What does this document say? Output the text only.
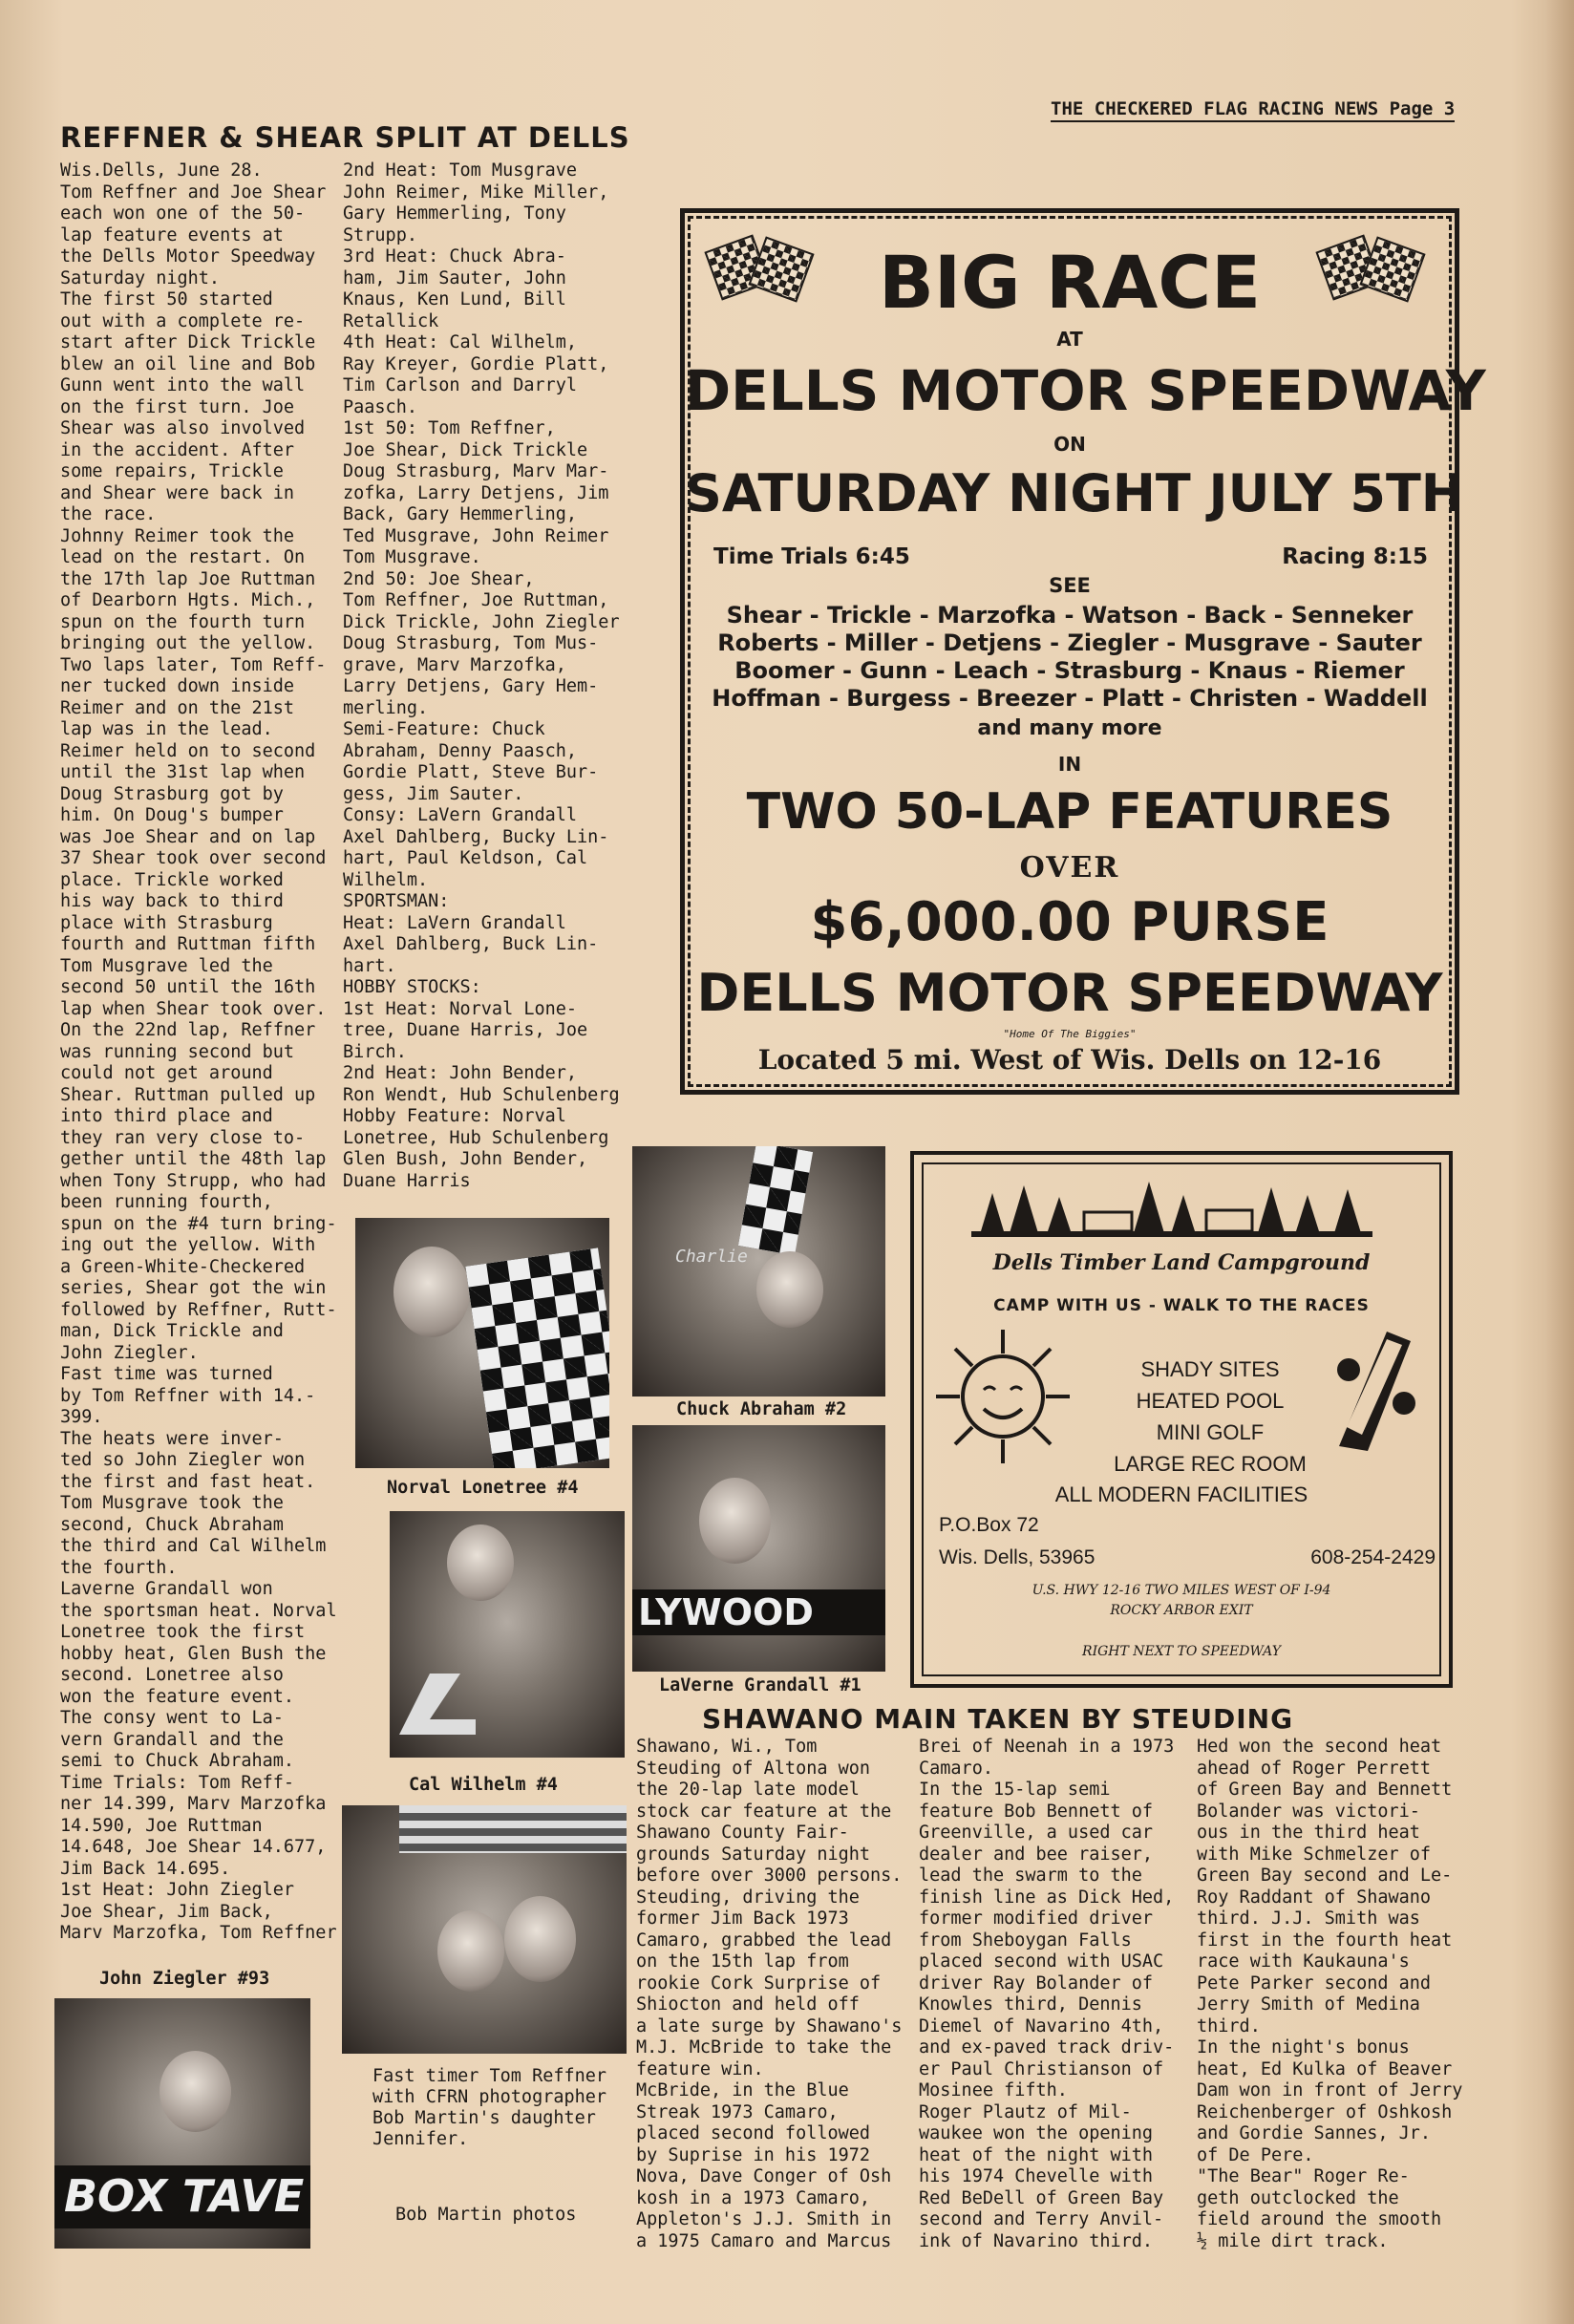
THE CHECKERED FLAG RACING NEWS Page 3
REFFNER & SHEAR SPLIT AT DELLS
Wis.Dells, June 28.
Tom Reffner and Joe Shear
each won one of the 50-
lap feature events at
the Dells Motor Speedway
Saturday night.
The first 50 started
out with a complete re-
start after Dick Trickle
blew an oil line and Bob
Gunn went into the wall
on the first turn. Joe
Shear was also involved
in the accident. After
some repairs, Trickle
and Shear were back in
the race.
Johnny Reimer took the
lead on the restart. On
the 17th lap Joe Ruttman
of Dearborn Hgts. Mich.,
spun on the fourth turn
bringing out the yellow.
Two laps later, Tom Reff-
ner tucked down inside
Reimer and on the 21st
lap was in the lead.
Reimer held on to second
until the 31st lap when
Doug Strasburg got by
him. On Doug's bumper
was Joe Shear and on lap
37 Shear took over second
place. Trickle worked
his way back to third
place with Strasburg
fourth and Ruttman fifth
Tom Musgrave led the
second 50 until the 16th
lap when Shear took over.
On the 22nd lap, Reffner
was running second but
could not get around
Shear. Ruttman pulled up
into third place and
they ran very close to-
gether until the 48th lap
when Tony Strupp, who had
been running fourth,
spun on the #4 turn bring-
ing out the yellow. With
a Green-White-Checkered
series, Shear got the win
followed by Reffner, Rutt-
man, Dick Trickle and
John Ziegler.
Fast time was turned
by Tom Reffner with 14.-
399.
The heats were inver-
ted so John Ziegler won
the first and fast heat.
Tom Musgrave took the
second, Chuck Abraham
the third and Cal Wilhelm
the fourth.
Laverne Grandall won
the sportsman heat. Norval
Lonetree took the first
hobby heat, Glen Bush the
second. Lonetree also
won the feature event.
The consy went to La-
vern Grandall and the
semi to Chuck Abraham.
Time Trials: Tom Reff-
ner 14.399, Marv Marzofka
14.590, Joe Ruttman
14.648, Joe Shear 14.677,
Jim Back 14.695.
1st Heat: John Ziegler
Joe Shear, Jim Back,
Marv Marzofka, Tom Reffner
2nd Heat: Tom Musgrave
John Reimer, Mike Miller,
Gary Hemmerling, Tony
Strupp.
3rd Heat: Chuck Abra-
ham, Jim Sauter, John
Knaus, Ken Lund, Bill
Retallick
4th Heat: Cal Wilhelm,
Ray Kreyer, Gordie Platt,
Tim Carlson and Darryl
Paasch.
1st 50: Tom Reffner,
Joe Shear, Dick Trickle
Doug Strasburg, Marv Mar-
zofka, Larry Detjens, Jim
Back, Gary Hemmerling,
Ted Musgrave, John Reimer
Tom Musgrave.
2nd 50: Joe Shear,
Tom Reffner, Joe Ruttman,
Dick Trickle, John Ziegler
Doug Strasburg, Tom Mus-
grave, Marv Marzofka,
Larry Detjens, Gary Hem-
merling.
Semi-Feature: Chuck
Abraham, Denny Paasch,
Gordie Platt, Steve Bur-
gess, Jim Sauter.
Consy: LaVern Grandall
Axel Dahlberg, Bucky Lin-
hart, Paul Keldson, Cal
Wilhelm.
SPORTSMAN:
Heat: LaVern Grandall
Axel Dahlberg, Buck Lin-
hart.
HOBBY STOCKS:
1st Heat: Norval Lone-
tree, Duane Harris, Joe
Birch.
2nd Heat: John Bender,
Ron Wendt, Hub Schulenberg
Hobby Feature: Norval
Lonetree, Hub Schulenberg
Glen Bush, John Bender,
Duane Harris
Norval Lonetree #4
Charlie
Chuck Abraham #2
Cal Wilhelm #4
LYWOOD
LaVerne Grandall #1
Fast timer Tom Reffner
with CFRN photographer
Bob Martin's daughter
Jennifer.
John Ziegler #93
BOX TAVE	Bob Martin photos
BIG RACE
AT
DELLS MOTOR SPEEDWAY
ON
SATURDAY NIGHT JULY 5TH
Time Trials 6:45	Racing 8:15
SEE
Shear - Trickle - Marzofka - Watson - Back - Senneker
Roberts - Miller - Detjens - Ziegler - Musgrave - Sauter
Boomer - Gunn - Leach - Strasburg - Knaus - Riemer
Hoffman - Burgess - Breezer - Platt - Christen - Waddell
and many more
IN
TWO 50-LAP FEATURES
OVER
$6,000.00 PURSE
DELLS MOTOR SPEEDWAY
"Home Of The Biggies"
Located 5 mi. West of Wis. Dells on 12-16
Dells Timber Land Campground
CAMP WITH US - WALK TO THE RACES
SHADY SITES
HEATED POOL
MINI GOLF
LARGE REC ROOM
ALL MODERN FACILITIES
P.O.Box 72
Wis. Dells, 53965	608-254-2429
U.S. HWY 12-16 TWO MILES WEST OF I-94
ROCKY ARBOR EXIT
RIGHT NEXT TO SPEEDWAY
SHAWANO MAIN TAKEN BY STEUDING
Shawano, Wi., Tom
Steuding of Altona won
the 20-lap late model
stock car feature at the
Shawano County Fair-
grounds Saturday night
before over 3000 persons.
Steuding, driving the
former Jim Back 1973
Camaro, grabbed the lead
on the 15th lap from
rookie Cork Surprise of
Shiocton and held off
a late surge by Shawano's
M.J. McBride to take the
feature win.
McBride, in the Blue
Streak 1973 Camaro,
placed second followed
by Suprise in his 1972
Nova, Dave Conger of Osh
kosh in a 1973 Camaro,
Appleton's J.J. Smith in
a 1975 Camaro and Marcus
Brei of Neenah in a 1973
Camaro.
In the 15-lap semi
feature Bob Bennett of
Greenville, a used car
dealer and bee raiser,
lead the swarm to the
finish line as Dick Hed,
former modified driver
from Sheboygan Falls
placed second with USAC
driver Ray Bolander of
Knowles third, Dennis
Diemel of Navarino 4th,
and ex-paved track driv-
er Paul Christianson of
Mosinee fifth.
Roger Plautz of Mil-
waukee won the opening
heat of the night with
his 1974 Chevelle with
Red BeDell of Green Bay
second and Terry Anvil-
ink of Navarino third.
Hed won the second heat
ahead of Roger Perrett
of Green Bay and Bennett
Bolander was victori-
ous in the third heat
with Mike Schmelzer of
Green Bay second and Le-
Roy Raddant of Shawano
third. J.J. Smith was
first in the fourth heat
race with Kaukauna's
Pete Parker second and
Jerry Smith of Medina
third.
In the night's bonus
heat, Ed Kulka of Beaver
Dam won in front of Jerry
Reichenberger of Oshkosh
and Gordie Sannes, Jr.
of De Pere.
"The Bear" Roger Re-
geth outclocked the
field around the smooth
½ mile dirt track.
